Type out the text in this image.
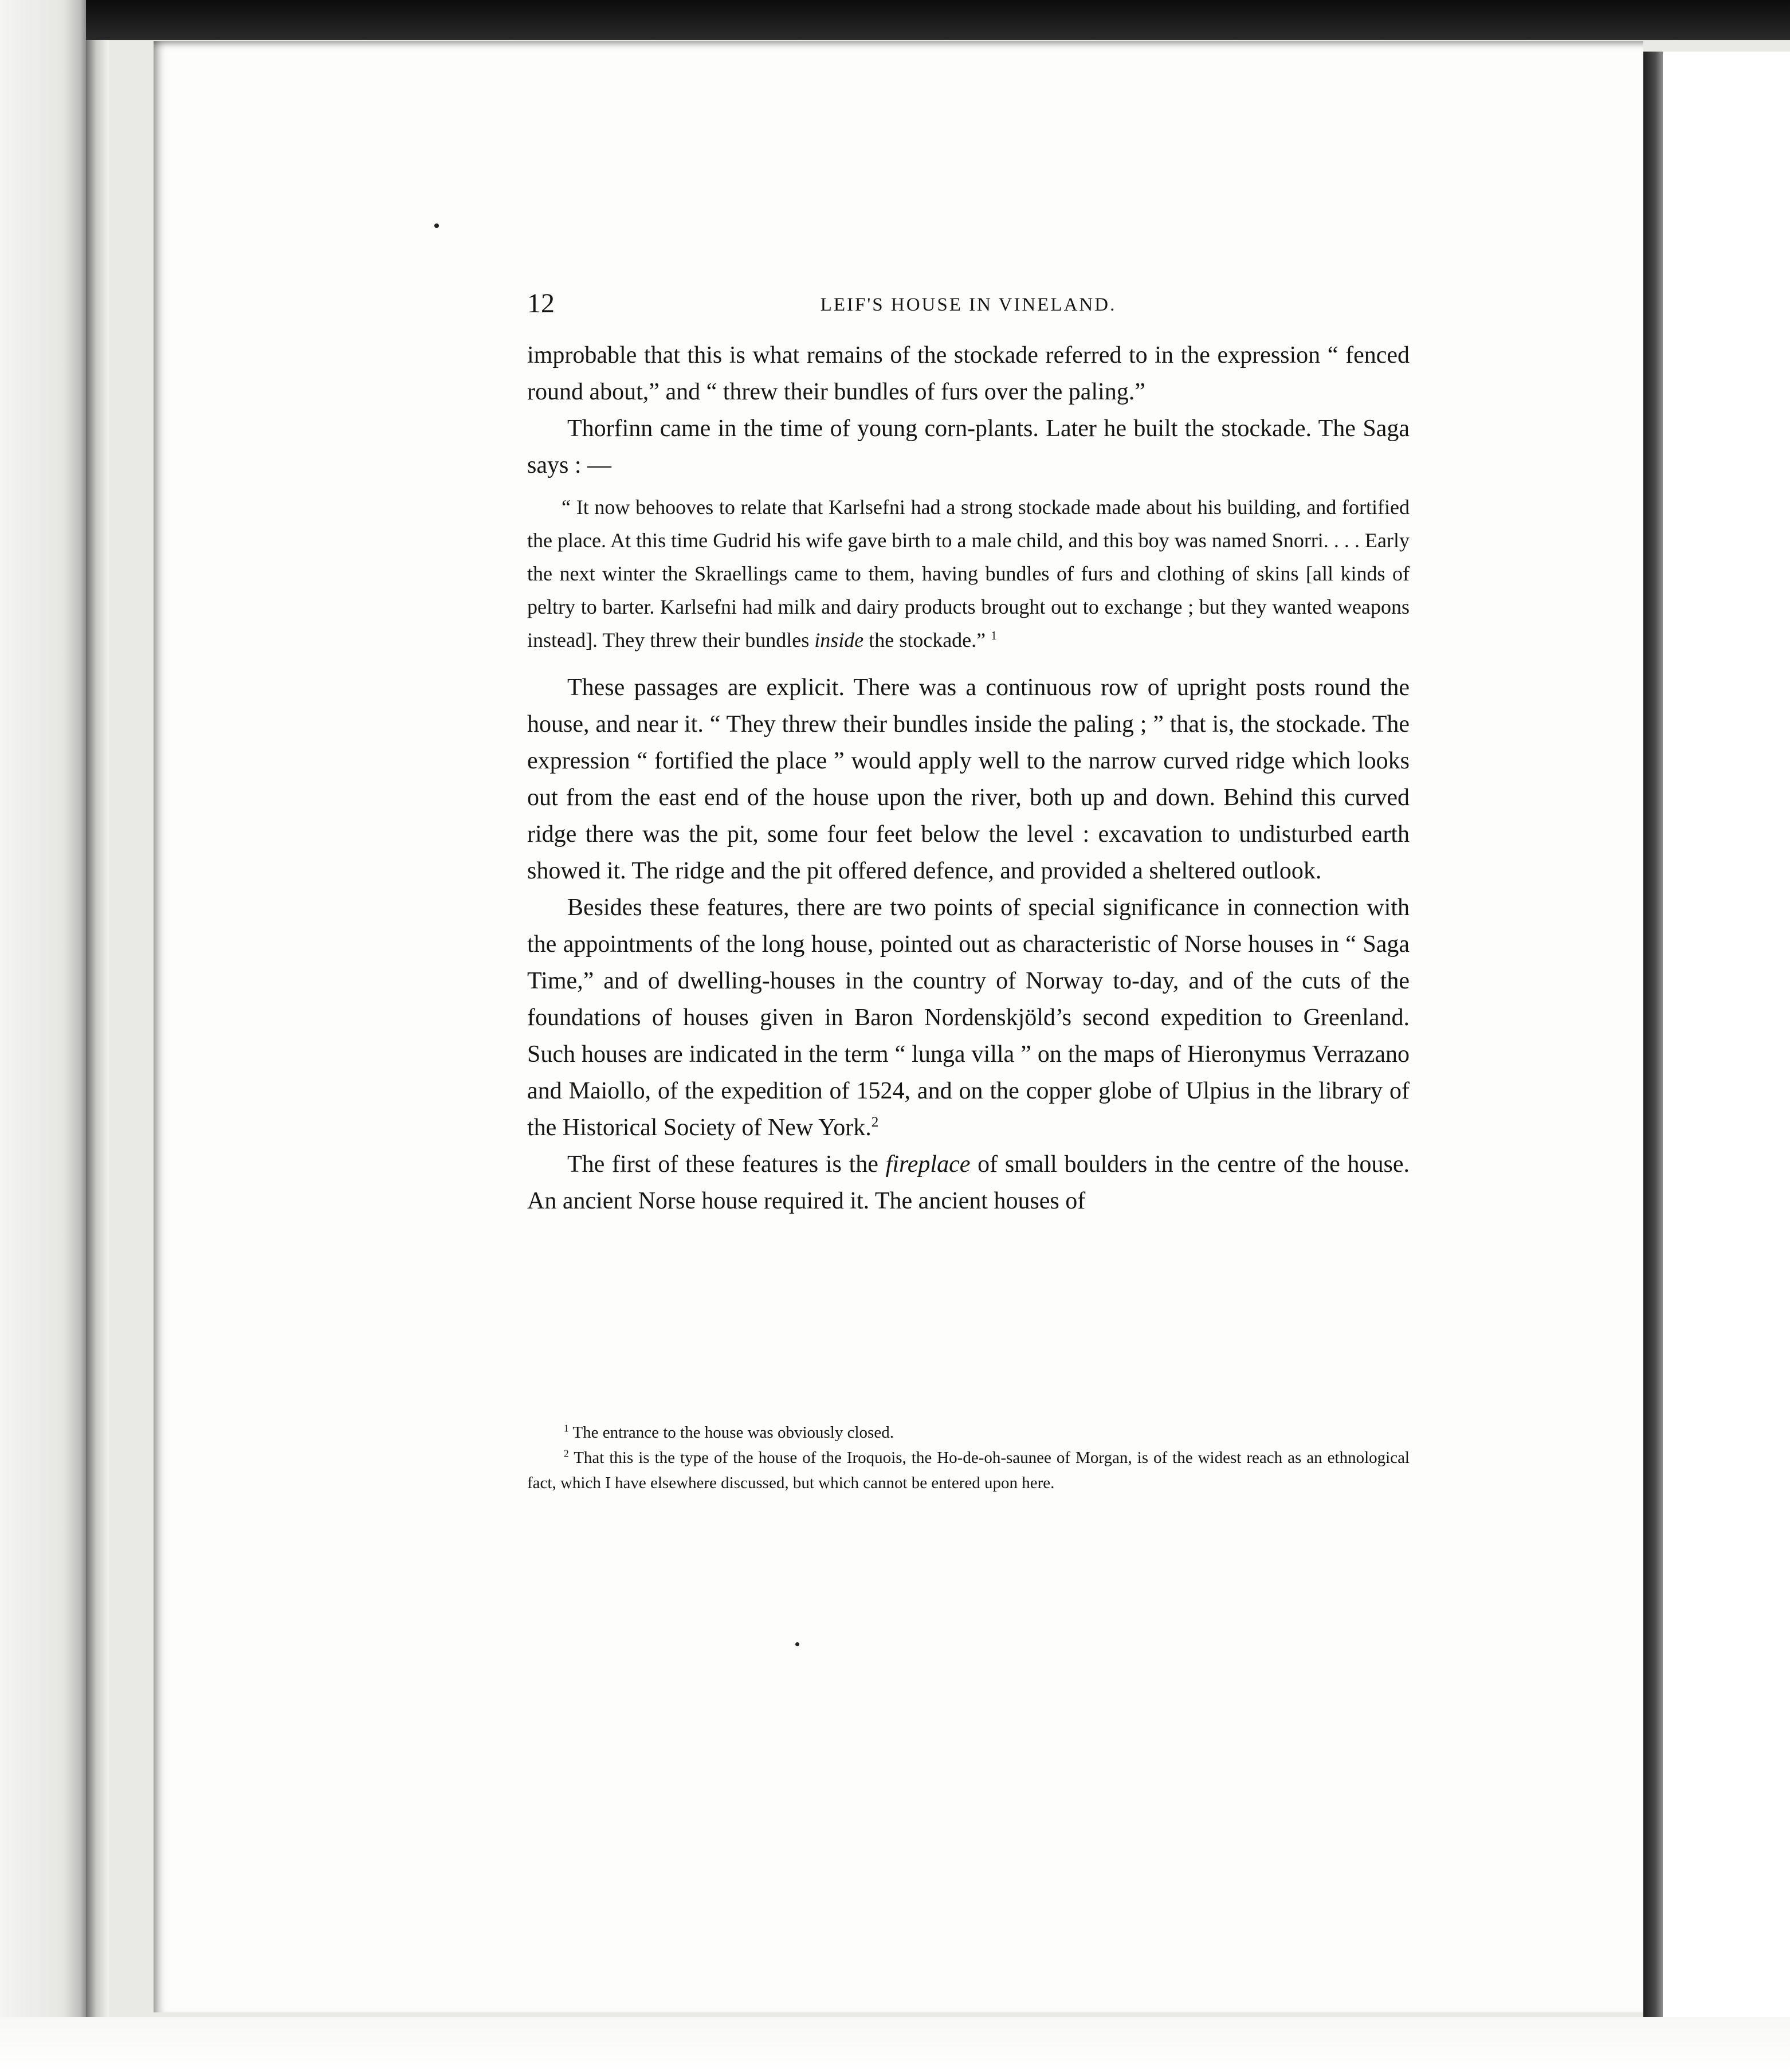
12	LEIF'S HOUSE IN VINELAND.

improbable that this is what remains of the stockade referred to in the expression “ fenced round about,” and “ threw their bundles of furs over the paling.”

Thorfinn came in the time of young corn-plants. Later he built the stockade. The Saga says : —

“ It now behooves to relate that Karlsefni had a strong stockade made about his building, and fortified the place. At this time Gudrid his wife gave birth to a male child, and this boy was named Snorri. . . . Early the next winter the Skraellings came to them, having bundles of furs and clothing of skins [all kinds of peltry to barter. Karlsefni had milk and dairy products brought out to exchange ; but they wanted weapons instead]. They threw their bundles inside the stockade.” $^1$

These passages are explicit. There was a continuous row of upright posts round the house, and near it. “ They threw their bundles inside the paling ; ” that is, the stockade. The expression “ fortified the place ” would apply well to the narrow curved ridge which looks out from the east end of the house upon the river, both up and down. Behind this curved ridge there was the pit, some four feet below the level : excavation to undisturbed earth showed it. The ridge and the pit offered defence, and provided a sheltered outlook.

Besides these features, there are two points of special significance in connection with the appointments of the long house, pointed out as characteristic of Norse houses in “ Saga Time,” and of dwelling-houses in the country of Norway to-day, and of the cuts of the foundations of houses given in Baron Nordenskjöld’s second expedition to Greenland. Such houses are indicated in the term “ lunga villa ” on the maps of Hieronymus Verrazano and Maiollo, of the expedition of 1524, and on the copper globe of Ulpius in the library of the Historical Society of New York.$^2$

The first of these features is the fireplace of small boulders in the centre of the house. An ancient Norse house required it. The ancient houses of

$^1$ The entrance to the house was obviously closed.

$^2$ That this is the type of the house of the Iroquois, the Ho-de-oh-saunee of Morgan, is of the widest reach as an ethnological fact, which I have elsewhere discussed, but which cannot be entered upon here.
